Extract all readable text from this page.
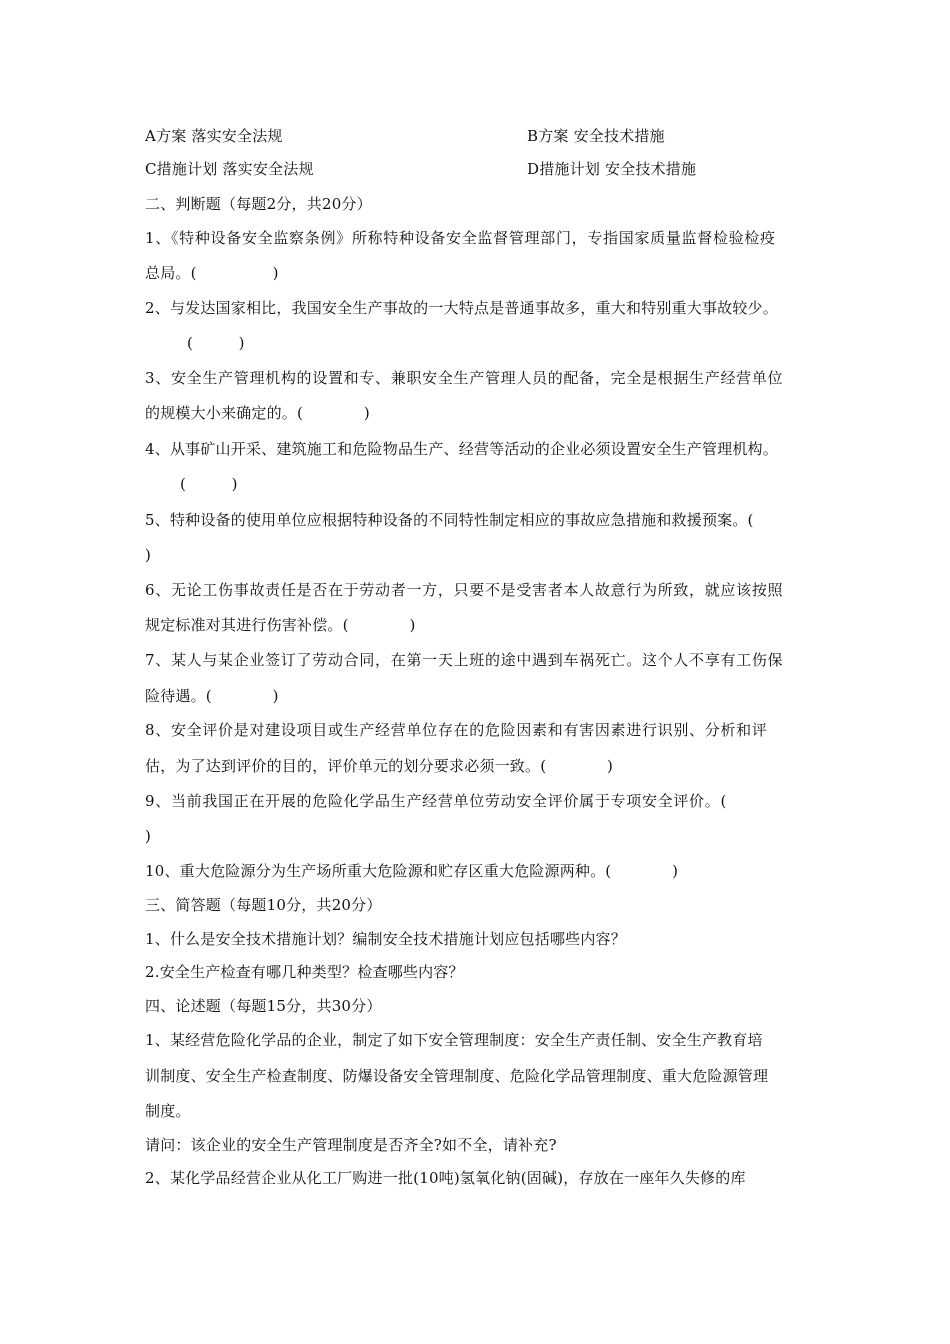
A方案 落实安全法规	B方案 安全技术措施
C措施计划 落实安全法规	D措施计划 安全技术措施
二、判断题（每题2分，共20分）
1、《特种设备安全监察条例》所称特种设备安全监督管理部门，专指国家质量监督检验检疫
总局。(　　　　　)
2、与发达国家相比，我国安全生产事故的一大特点是普通事故多，重大和特别重大事故较少。
(　　　)
3、安全生产管理机构的设置和专、兼职安全生产管理人员的配备，完全是根据生产经营单位
的规模大小来确定的。(　　　　)
4、从事矿山开采、建筑施工和危险物品生产、经营等活动的企业必须设置安全生产管理机构。
(　　　)
5、特种设备的使用单位应根据特种设备的不同特性制定相应的事故应急措施和救援预案。(
)
6、无论工伤事故责任是否在于劳动者一方，只要不是受害者本人故意行为所致，就应该按照
规定标准对其进行伤害补偿。(　　　　)
7、某人与某企业签订了劳动合同，在第一天上班的途中遇到车祸死亡。这个人不享有工伤保
险待遇。(　　　　)
8、安全评价是对建设项目或生产经营单位存在的危险因素和有害因素进行识别、分析和评
估，为了达到评价的目的，评价单元的划分要求必须一致。(　　　　)
9、当前我国正在开展的危险化学品生产经营单位劳动安全评价属于专项安全评价。(
)
10、重大危险源分为生产场所重大危险源和贮存区重大危险源两种。(　　　　)
三、简答题（每题10分，共20分）
1、什么是安全技术措施计划？编制安全技术措施计划应包括哪些内容？
2.安全生产检查有哪几种类型？检查哪些内容？
四、论述题（每题15分，共30分）
1、某经营危险化学品的企业，制定了如下安全管理制度：安全生产责任制、安全生产教育培
训制度、安全生产检查制度、防爆设备安全管理制度、危险化学品管理制度、重大危险源管理
制度。
请问：该企业的安全生产管理制度是否齐全?如不全，请补充?
2、某化学品经营企业从化工厂购进一批(10吨)氢氧化钠(固碱)，存放在一座年久失修的库
